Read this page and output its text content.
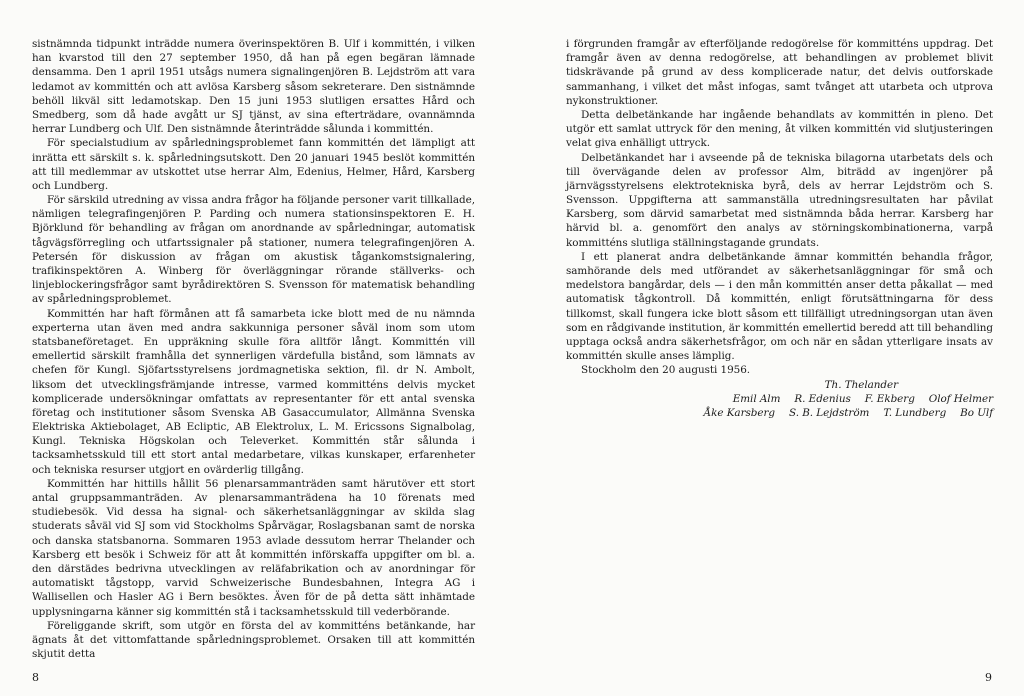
sistnämnda tidpunkt inträdde numera överinspektören B. Ulf i kommittén, i vilken han kvarstod till den 27 september 1950, då han på egen begäran lämnade densamma. Den 1 april 1951 utsågs numera signalingenjören B. Lejdström att vara ledamot av kommittén och att avlösa Karsberg såsom sekreterare. Den sistnämnde behöll likväl sitt ledamotskap. Den 15 juni 1953 slutligen ersattes Hård och Smedberg, som då hade avgått ur SJ tjänst, av sina efterträdare, ovannämnda herrar Lundberg och Ulf. Den sistnämnde återinträdde sålunda i kommittén.

För specialstudium av spårledningsproblemet fann kommittén det lämpligt att inrätta ett särskilt s. k. spårledningsutskott. Den 20 januari 1945 beslöt kommittén att till medlemmar av utskottet utse herrar Alm, Edenius, Helmer, Hård, Karsberg och Lundberg.

För särskild utredning av vissa andra frågor ha följande personer varit tillkallade, nämligen telegrafingenjören P. Parding och numera stationsinspektoren E. H. Björklund för behandling av frågan om anordnande av spårledningar, automatisk tågvägsförregling och utfartssignaler på stationer, numera telegrafingenjören A. Petersén för diskussion av frågan om akustisk tågankomstsignalering, trafikinspektören A. Winberg för överläggningar rörande ställverks- och linjeblockeringsfrågor samt byrådirektören S. Svensson för matematisk behandling av spårledningsproblemet.

Kommittén har haft förmånen att få samarbeta icke blott med de nu nämnda experterna utan även med andra sakkunniga personer såväl inom som utom statsbaneföretaget. En uppräkning skulle föra alltför långt. Kommittén vill emellertid särskilt framhålla det synnerligen värdefulla bistånd, som lämnats av chefen för Kungl. Sjöfartsstyrelsens jordmagnetiska sektion, fil. dr N. Ambolt, liksom det utvecklingsfrämjande intresse, varmed kommitténs delvis mycket komplicerade undersökningar omfattats av representanter för ett antal svenska företag och institutioner såsom Svenska AB Gasaccumulator, Allmänna Svenska Elektriska Aktiebolaget, AB Ecliptic, AB Elektrolux, L. M. Ericssons Signalbolag, Kungl. Tekniska Högskolan och Televerket. Kommittén står sålunda i tacksamhetsskuld till ett stort antal medarbetare, vilkas kunskaper, erfarenheter och tekniska resurser utgjort en ovärderlig tillgång.

Kommittén har hittills hållit 56 plenarsammanträden samt härutöver ett stort antal gruppsammanträden. Av plenarsammanträdena ha 10 förenats med studiebesök. Vid dessa ha signal- och säkerhetsanläggningar av skilda slag studerats såväl vid SJ som vid Stockholms Spårvägar, Roslagsbanan samt de norska och danska statsbanorna. Sommaren 1953 avlade dessutom herrar Thelander och Karsberg ett besök i Schweiz för att åt kommittén införskaffa uppgifter om bl. a. den därstädes bedrivna utvecklingen av reläfabrikation och av anordningar för automatiskt tågstopp, varvid Schweizerische Bundesbahnen, Integra AG i Wallisellen och Hasler AG i Bern besöktes. Även för de på detta sätt inhämtade upplysningarna känner sig kommittén stå i tacksamhetsskuld till vederbörande.

Föreliggande skrift, som utgör en första del av kommitténs betänkande, har ägnats åt det vittomfattande spårledningsproblemet. Orsaken till att kommittén skjutit detta

8

i förgrunden framgår av efterföljande redogörelse för kommitténs uppdrag. Det framgår även av denna redogörelse, att behandlingen av problemet blivit tidskrävande på grund av dess komplicerade natur, det delvis outforskade sammanhang, i vilket det måst infogas, samt tvånget att utarbeta och utprova nykonstruktioner.

Detta delbetänkande har ingående behandlats av kommittén in pleno. Det utgör ett samlat uttryck för den mening, åt vilken kommittén vid slutjusteringen velat giva enhälligt uttryck.

Delbetänkandet har i avseende på de tekniska bilagorna utarbetats dels och till övervägande delen av professor Alm, biträdd av ingenjörer på järnvägsstyrelsens elektrotekniska byrå, dels av herrar Lejdström och S. Svensson. Uppgifterna att sammanställa utredningsresultaten har påvilat Karsberg, som därvid samarbetat med sistnämnda båda herrar. Karsberg har härvid bl. a. genomfört den analys av störningskombinationerna, varpå kommitténs slutliga ställningstagande grundats.

I ett planerat andra delbetänkande ämnar kommittén behandla frågor, samhörande dels med utförandet av säkerhetsanläggningar för små och medelstora bangårdar, dels — i den mån kommittén anser detta påkallat — med automatisk tågkontroll. Då kommittén, enligt förutsättningarna för dess tillkomst, skall fungera icke blott såsom ett tillfälligt utredningsorgan utan även som en rådgivande institution, är kommittén emellertid beredd att till behandling upptaga också andra säkerhetsfrågor, om och när en sådan ytterligare insats av kommittén skulle anses lämplig.

Stockholm den 20 augusti 1956.

Th. Thelander

Emil Alm R. Edenius F. Ekberg Olof Helmer
Åke Karsberg S. B. Lejdström T. Lundberg Bo Ulf
9
